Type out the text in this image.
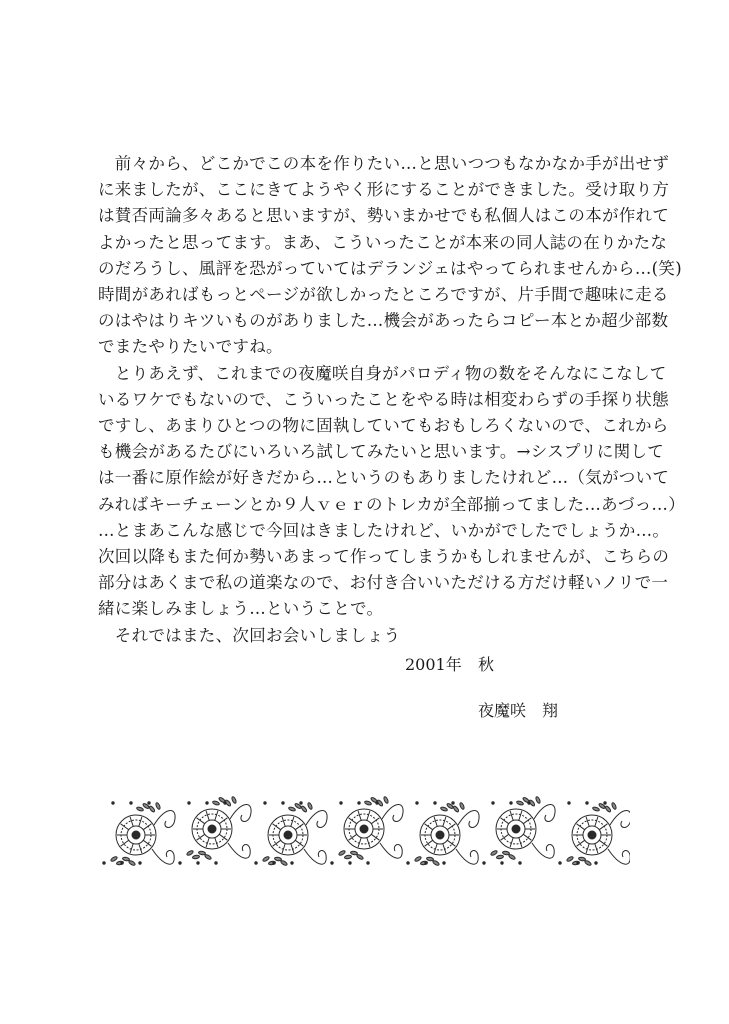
　前々から、どこかでこの本を作りたい…と思いつつもなかなか手が出せず
に来ましたが、ここにきてようやく形にすることができました。受け取り方
は賛否両論多々あると思いますが、勢いまかせでも私個人はこの本が作れて
よかったと思ってます。まあ、こういったことが本来の同人誌の在りかたな
のだろうし、風評を恐がっていてはデランジェはやってられませんから…(笑)
時間があればもっとページが欲しかったところですが、片手間で趣味に走る
のはやはりキツいものがありました…機会があったらコピー本とか超少部数
でまたやりたいですね。
　とりあえず、これまでの夜魔咲自身がパロディ物の数をそんなにこなして
いるワケでもないので、こういったことをやる時は相変わらずの手探り状態
ですし、あまりひとつの物に固執していてもおもしろくないので、これから
も機会があるたびにいろいろ試してみたいと思います。→シスプリに関して
は一番に原作絵が好きだから…というのもありましたけれど…（気がついて
みればキーチェーンとか９人ｖｅｒのトレカが全部揃ってました…あづっ…）
…とまあこんな感じで今回はきましたけれど、いかがでしたでしょうか…。
次回以降もまた何か勢いあまって作ってしまうかもしれませんが、こちらの
部分はあくまで私の道楽なので、お付き合いいただける方だけ軽いノリで一
緒に楽しみましょう…ということで。
　それではまた、次回お会いしましょう
2001年 秋
夜魔咲　翔
